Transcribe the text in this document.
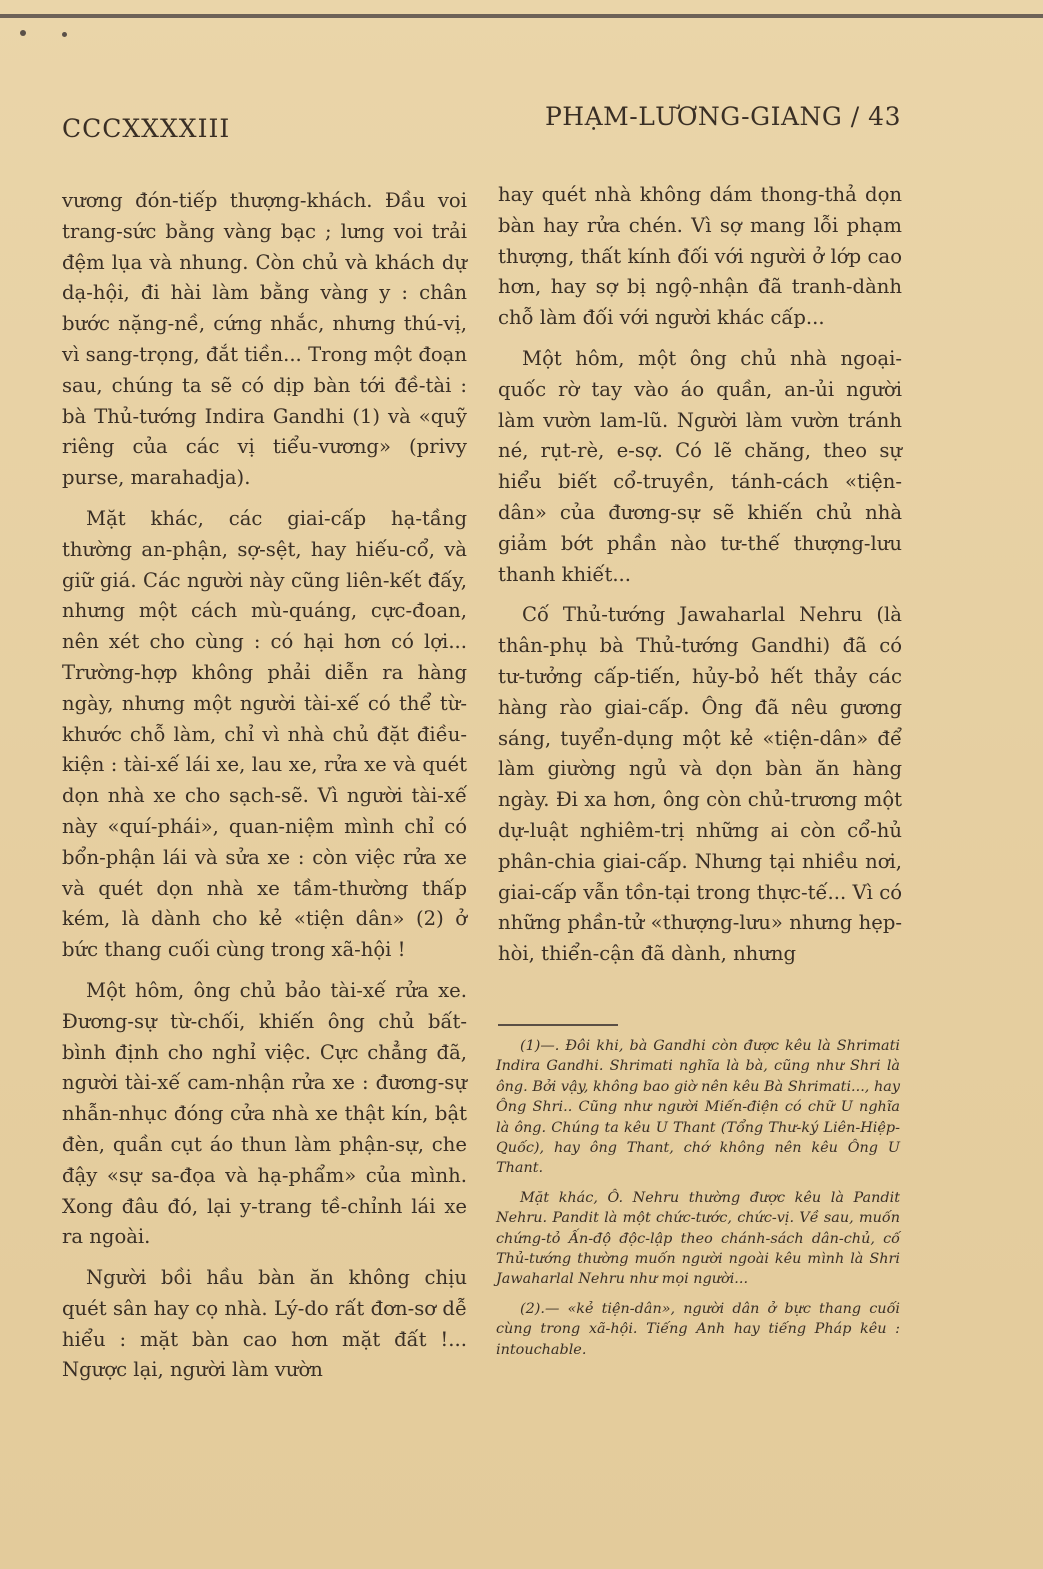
CCCXXXXIII	PHẠM-LƯƠNG-GIANG / 43

vương đón-tiếp thượng-khách. Đầu voi trang-sức bằng vàng bạc ; lưng voi trải đệm lụa và nhung. Còn chủ và khách dự dạ-hội, đi hài làm bằng vàng y : chân bước nặng-nề, cứng nhắc, nhưng thú-vị, vì sang-trọng, đắt tiền... Trong một đoạn sau, chúng ta sẽ có dịp bàn tới đề-tài : bà Thủ-tướng Indira Gandhi (1) và «quỹ riêng của các vị tiểu-vương» (privy purse, marahadja).

Mặt khác, các giai-cấp hạ-tầng thường an-phận, sợ-sệt, hay hiếu-cổ, và giữ giá. Các người này cũng liên-kết đấy, nhưng một cách mù-quáng, cực-đoan, nên xét cho cùng : có hại hơn có lợi... Trường-hợp không phải diễn ra hàng ngày, nhưng một người tài-xế có thể từ-khước chỗ làm, chỉ vì nhà chủ đặt điều-kiện : tài-xế lái xe, lau xe, rửa xe và quét dọn nhà xe cho sạch-sẽ. Vì người tài-xế này «quí-phái», quan-niệm mình chỉ có bổn-phận lái và sửa xe : còn việc rửa xe và quét dọn nhà xe tầm-thường thấp kém, là dành cho kẻ «tiện dân» (2) ở bức thang cuối cùng trong xã-hội !

Một hôm, ông chủ bảo tài-xế rửa xe. Đương-sự từ-chối, khiến ông chủ bất-bình định cho nghỉ việc. Cực chẳng đã, người tài-xế cam-nhận rửa xe : đương-sự nhẫn-nhục đóng cửa nhà xe thật kín, bật đèn, quần cụt áo thun làm phận-sự, che đậy «sự sa-đọa và hạ-phẩm» của mình. Xong đâu đó, lại y-trang tề-chỉnh lái xe ra ngoài.

Người bồi hầu bàn ăn không chịu quét sân hay cọ nhà. Lý-do rất đơn-sơ dễ hiểu : mặt bàn cao hơn mặt đất !... Ngược lại, người làm vườn

hay quét nhà không dám thong-thả dọn bàn hay rửa chén. Vì sợ mang lỗi phạm thượng, thất kính đối với người ở lớp cao hơn, hay sợ bị ngộ-nhận đã tranh-dành chỗ làm đối với người khác cấp...

Một hôm, một ông chủ nhà ngoại-quốc rờ tay vào áo quần, an-ủi người làm vườn lam-lũ. Người làm vườn tránh né, rụt-rè, e-sợ. Có lẽ chăng, theo sự hiểu biết cổ-truyền, tánh-cách «tiện-dân» của đương-sự sẽ khiến chủ nhà giảm bớt phần nào tư-thế thượng-lưu thanh khiết...

Cố Thủ-tướng Jawaharlal Nehru (là thân-phụ bà Thủ-tướng Gandhi) đã có tư-tưởng cấp-tiến, hủy-bỏ hết thảy các hàng rào giai-cấp. Ông đã nêu gương sáng, tuyển-dụng một kẻ «tiện-dân» để làm giường ngủ và dọn bàn ăn hàng ngày. Đi xa hơn, ông còn chủ-trương một dự-luật nghiêm-trị những ai còn cổ-hủ phân-chia giai-cấp. Nhưng tại nhiều nơi, giai-cấp vẫn tồn-tại trong thực-tế... Vì có những phần-tử «thượng-lưu» nhưng hẹp-hòi, thiển-cận đã dành, nhưng

(1)—. Đôi khi, bà Gandhi còn được kêu là Shrimati Indira Gandhi. Shrimati nghĩa là bà, cũng như Shri là ông. Bởi vậy, không bao giờ nên kêu Bà Shrimati..., hay Ông Shri.. Cũng như người Miến-điện có chữ U nghĩa là ông. Chúng ta kêu U Thant (Tổng Thư-ký Liên-Hiệp-Quốc), hay ông Thant, chớ không nên kêu Ông U Thant.

Mặt khác, Ô. Nehru thường được kêu là Pandit Nehru. Pandit là một chức-tước, chức-vị. Về sau, muốn chứng-tỏ Ấn-độ độc-lập theo chánh-sách dân-chủ, cố Thủ-tướng thường muốn người ngoài kêu mình là Shri Jawaharlal Nehru như mọi người...

(2).— «kẻ tiện-dân», người dân ở bực thang cuối cùng trong xã-hội. Tiếng Anh hay tiếng Pháp kêu : intouchable.
